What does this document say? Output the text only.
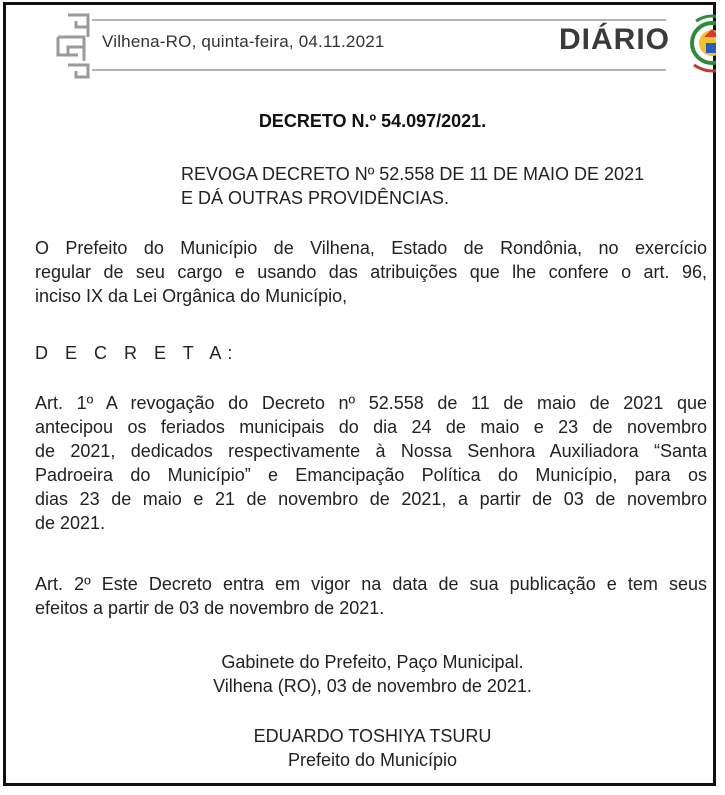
Vilhena-RO, quinta-feira, 04.11.2021	DIÁRIO
DECRETO N.º 54.097/2021.
REVOGA DECRETO Nº 52.558 DE 11 DE MAIO DE 2021
E DÁ OUTRAS PROVIDÊNCIAS.
O Prefeito do Município de Vilhena, Estado de Rondônia, no exercício
regular de seu cargo e usando das atribuições que lhe confere o art. 96,
inciso IX da Lei Orgânica do Município,
D E C R E T A:
Art. 1º A revogação do Decreto nº 52.558 de 11 de maio de 2021 que
antecipou os feriados municipais do dia 24 de maio e 23 de novembro
de 2021, dedicados respectivamente à Nossa Senhora Auxiliadora “Santa
Padroeira do Município” e Emancipação Política do Município, para os
dias 23 de maio e 21 de novembro de 2021, a partir de 03 de novembro
de 2021.
Art. 2º Este Decreto entra em vigor na data de sua publicação e tem seus
efeitos a partir de 03 de novembro de 2021.
Gabinete do Prefeito, Paço Municipal.
Vilhena (RO), 03 de novembro de 2021.
EDUARDO TOSHIYA TSURU
Prefeito do Município
